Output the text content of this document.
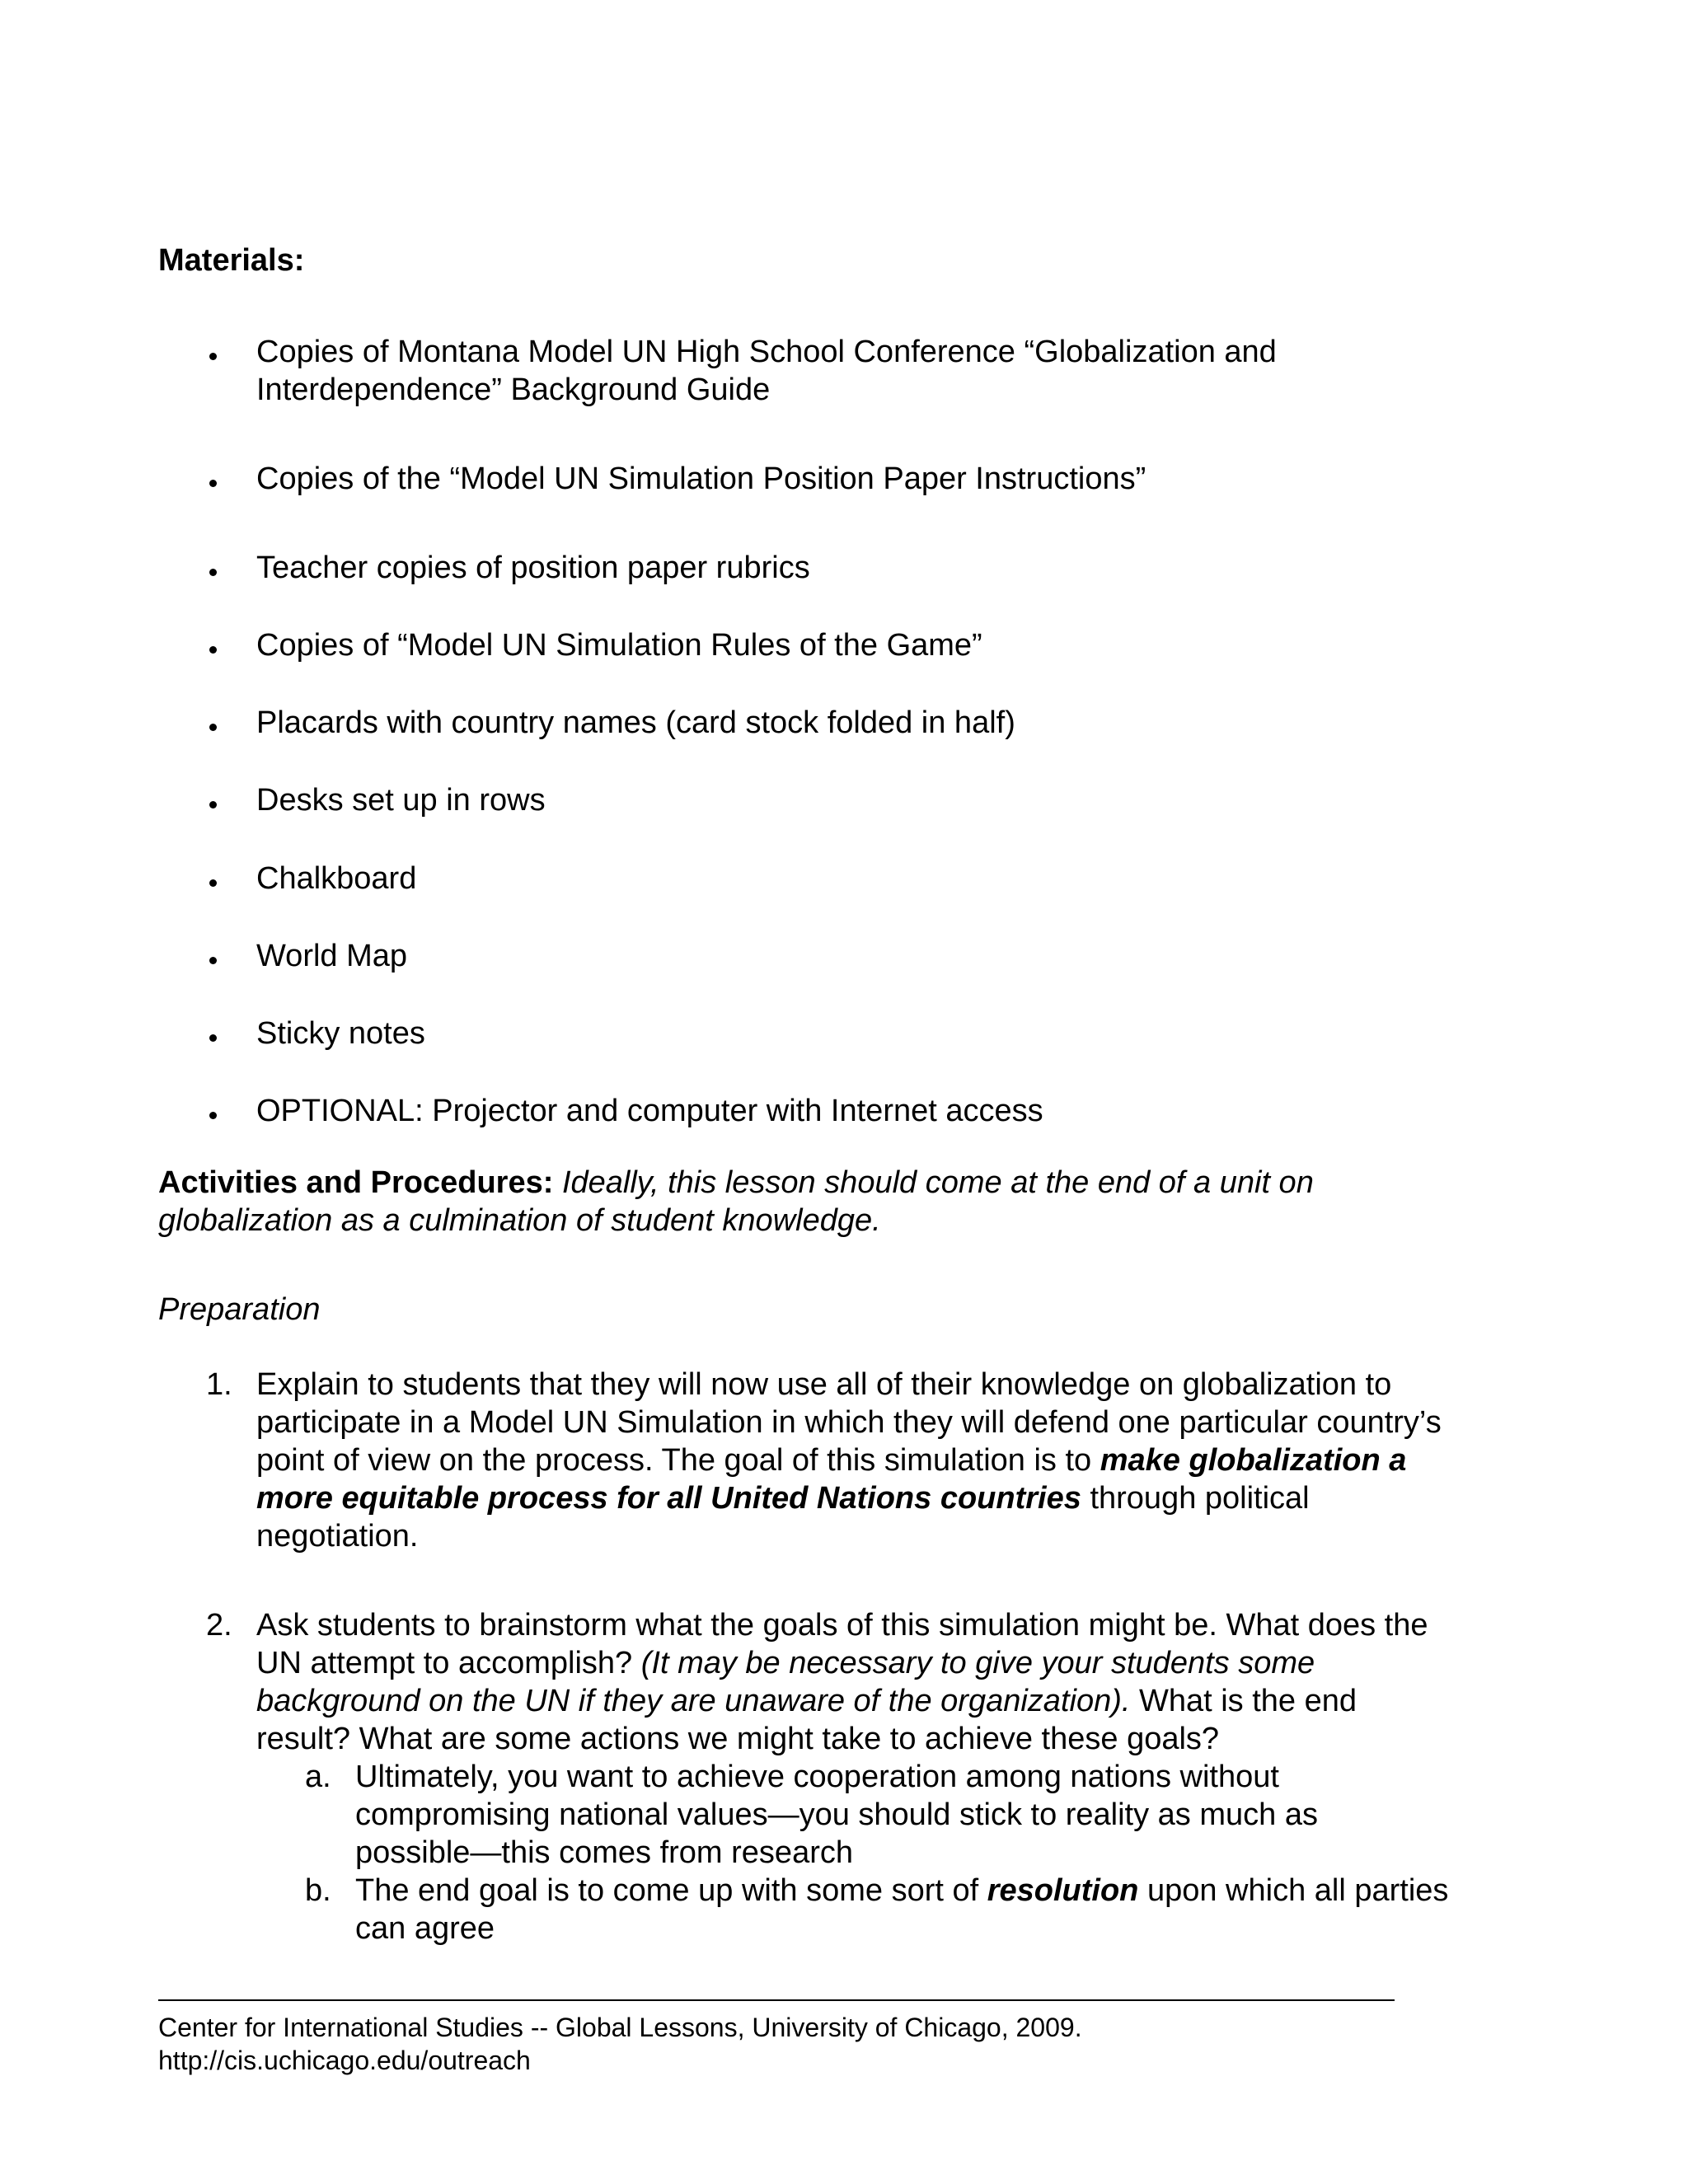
Materials:
Copies of Montana Model UN High School Conference “Globalization and
Interdependence” Background Guide
Copies of the “Model UN Simulation Position Paper Instructions”
Teacher copies of position paper rubrics
Copies of “Model UN Simulation Rules of the Game”
Placards with country names (card stock folded in half)
Desks set up in rows
Chalkboard
World Map
Sticky notes
OPTIONAL: Projector and computer with Internet access
Activities and Procedures: Ideally, this lesson should come at the end of a unit on
globalization as a culmination of student knowledge.
Preparation
1. Explain to students that they will now use all of their knowledge on globalization to
participate in a Model UN Simulation in which they will defend one particular country’s
point of view on the process. The goal of this simulation is to make globalization a
more equitable process for all United Nations countries through political
negotiation.
2. Ask students to brainstorm what the goals of this simulation might be. What does the
UN attempt to accomplish? (It may be necessary to give your students some
background on the UN if they are unaware of the organization). What is the end
result? What are some actions we might take to achieve these goals?
a. Ultimately, you want to achieve cooperation among nations without
compromising national values—you should stick to reality as much as
possible—this comes from research
b. The end goal is to come up with some sort of resolution upon which all parties
can agree
Center for International Studies -- Global Lessons, University of Chicago, 2009.
http://cis.uchicago.edu/outreach
